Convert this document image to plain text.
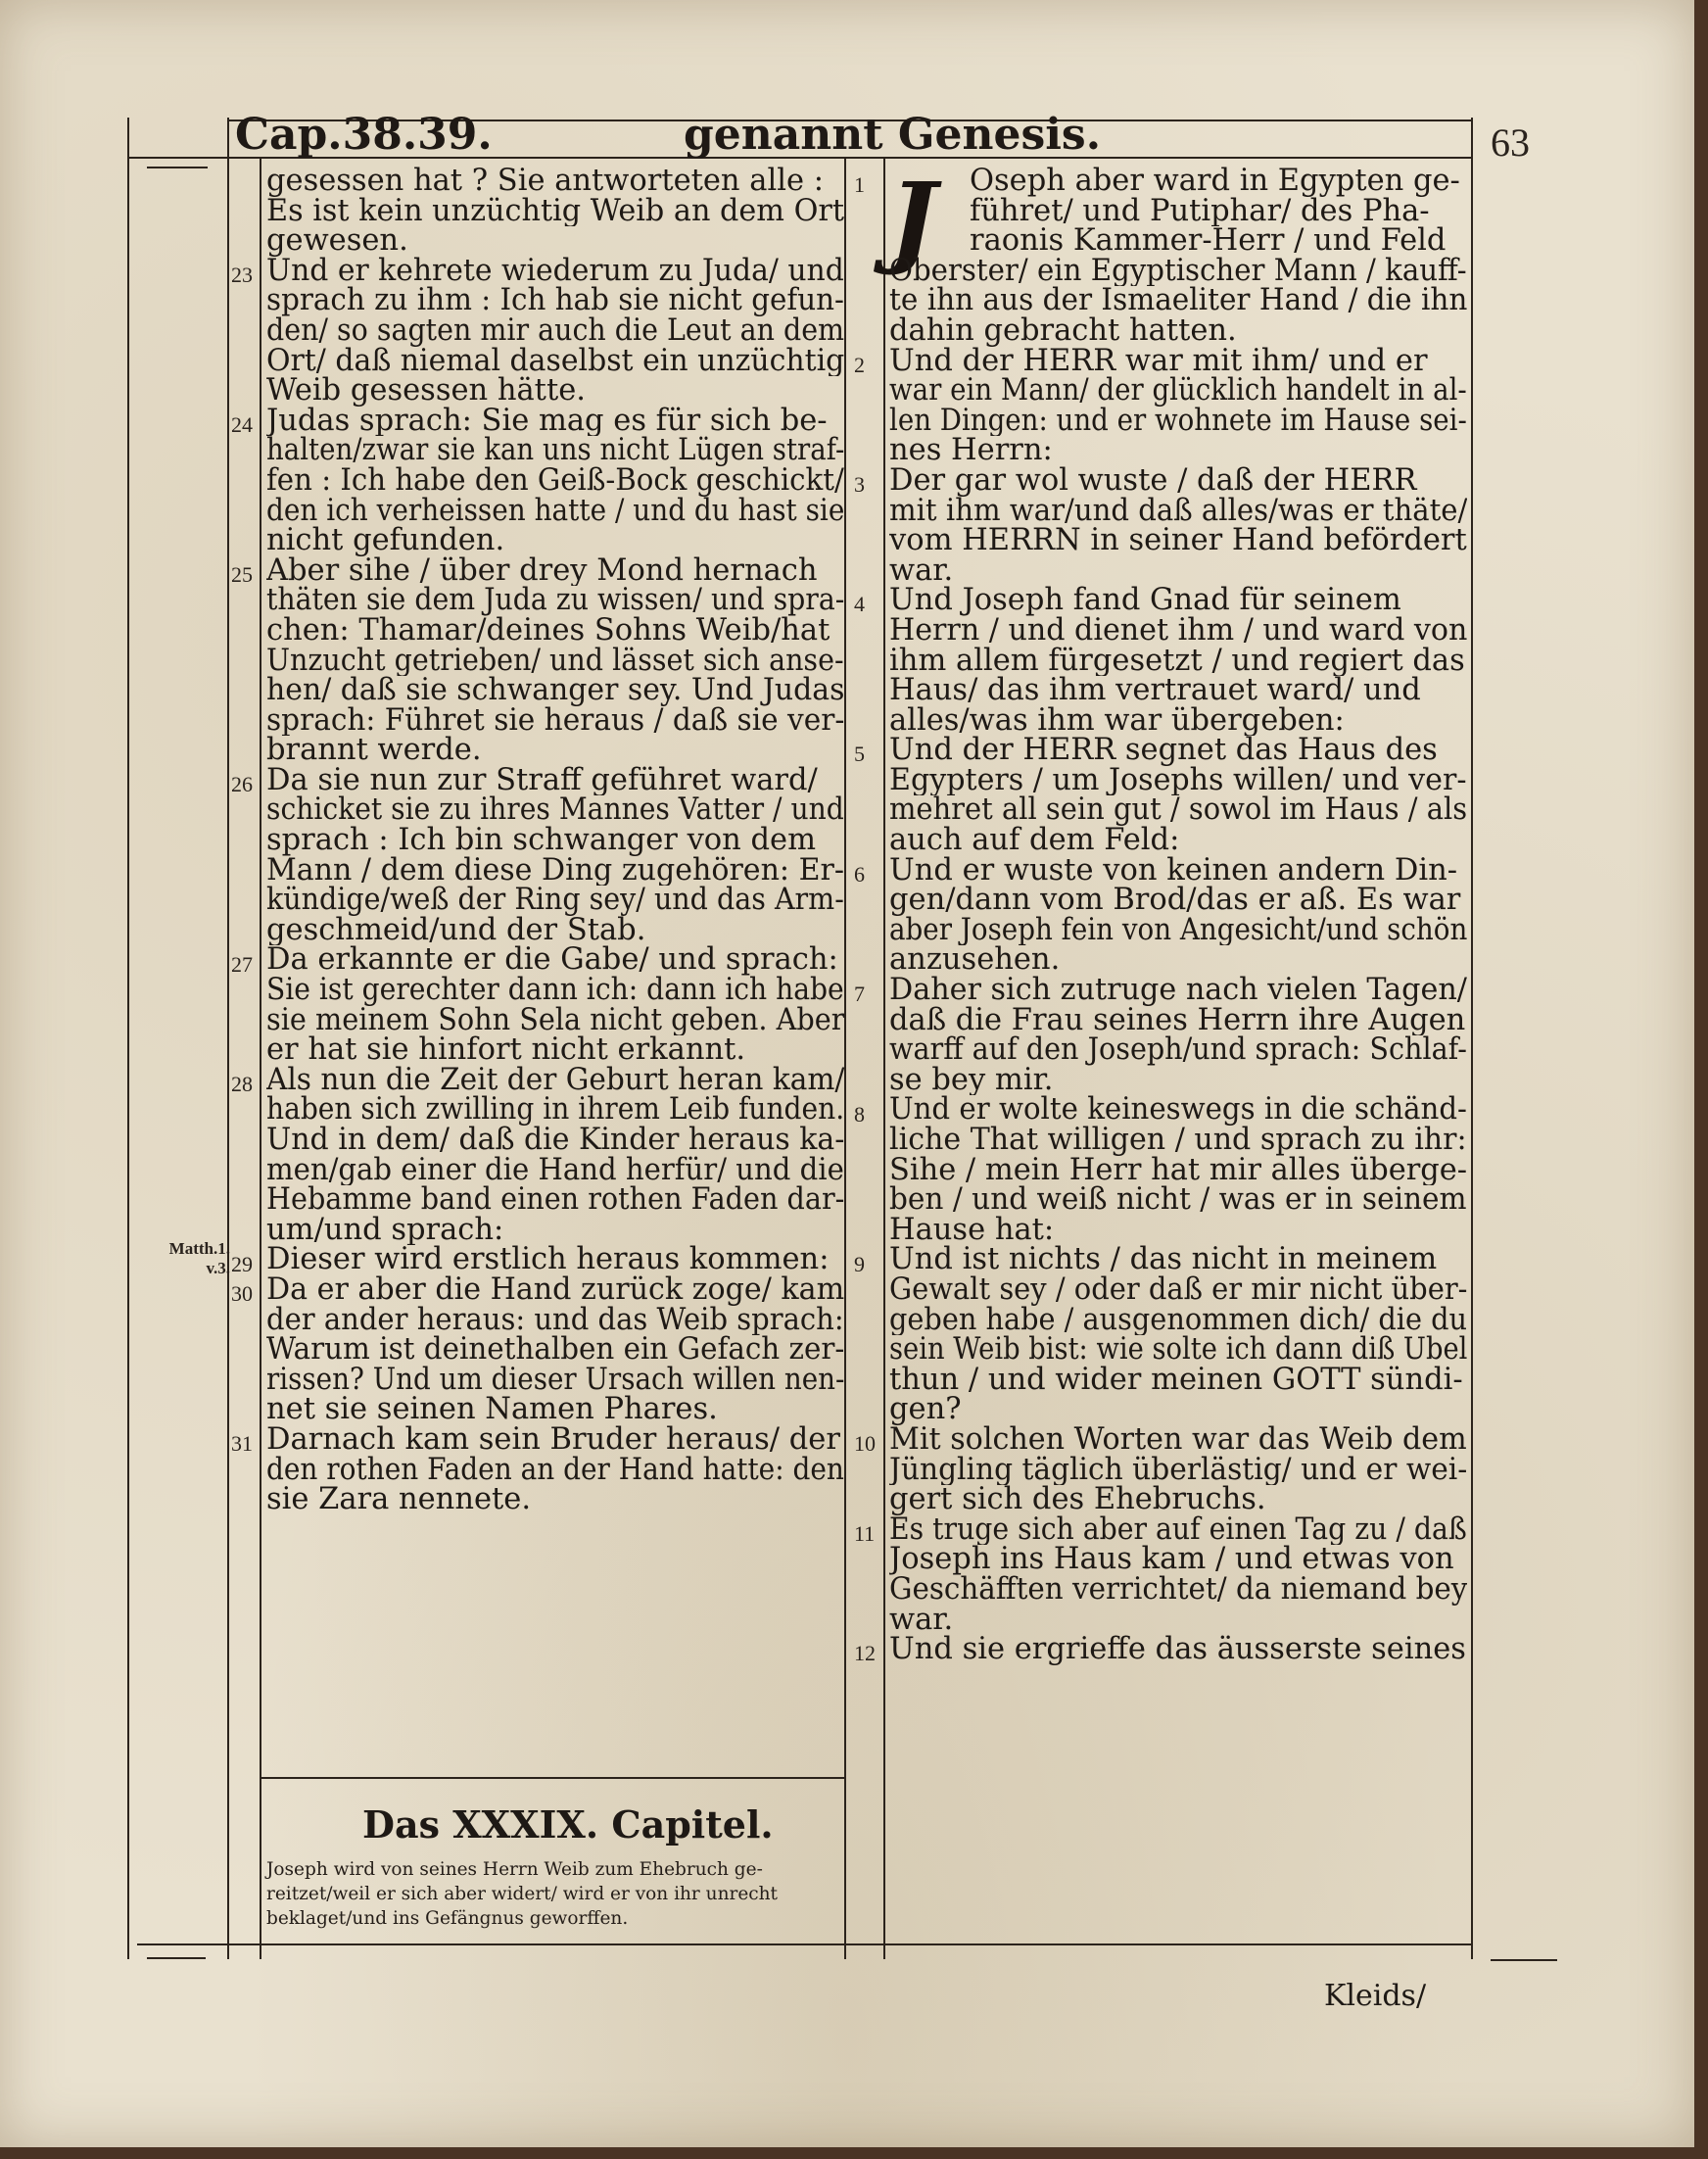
Cap.38.39.	genannt Genesis.	63
gesessen hat ? Sie antworteten alle :
Es ist kein unzüchtig Weib an dem Ort
gewesen.
Und er kehrete wiederum zu Juda/ und
sprach zu ihm : Ich hab sie nicht gefun-
den/ so sagten mir auch die Leut an dem
Ort/ daß niemal daselbst ein unzüchtig
Weib gesessen hätte.
Judas sprach: Sie mag es für sich be-
halten/zwar sie kan uns nicht Lügen straf-
fen : Ich habe den Geiß-Bock geschickt/
den ich verheissen hatte / und du hast sie
nicht gefunden.
Aber sihe / über drey Mond hernach
thäten sie dem Juda zu wissen/ und spra-
chen: Thamar/deines Sohns Weib/hat
Unzucht getrieben/ und lässet sich anse-
hen/ daß sie schwanger sey. Und Judas
sprach: Führet sie heraus / daß sie ver-
brannt werde.
Da sie nun zur Straff geführet ward/
schicket sie zu ihres Mannes Vatter / und
sprach : Ich bin schwanger von dem
Mann / dem diese Ding zugehören: Er-
kündige/weß der Ring sey/ und das Arm-
geschmeid/und der Stab.
Da erkannte er die Gabe/ und sprach:
Sie ist gerechter dann ich: dann ich habe
sie meinem Sohn Sela nicht geben. Aber
er hat sie hinfort nicht erkannt.
Als nun die Zeit der Geburt heran kam/
haben sich zwilling in ihrem Leib funden.
Und in dem/ daß die Kinder heraus ka-
men/gab einer die Hand herfür/ und die
Hebamme band einen rothen Faden dar-
um/und sprach:
Dieser wird erstlich heraus kommen:
Da er aber die Hand zurück zoge/ kam
der ander heraus: und das Weib sprach:
Warum ist deinethalben ein Gefach zer-
rissen? Und um dieser Ursach willen nen-
net sie seinen Namen Phares.
Darnach kam sein Bruder heraus/ der
den rothen Faden an der Hand hatte: den
sie Zara nennete.
23
24
25
26
27
28
29
30
31
Matth.1.
v.3.
Das XXXIX. Capitel.
Joseph wird von seines Herrn Weib zum Ehebruch ge-
reitzet/weil er sich aber widert/ wird er von ihr unrecht
beklaget/und ins Gefängnus geworffen.
J	Oseph aber ward in Egypten ge-
führet/ und Putiphar/ des Pha-
raonis Kammer-Herr / und Feld
Oberster/ ein Egyptischer Mann / kauff-
te ihn aus der Ismaeliter Hand / die ihn
dahin gebracht hatten.
Und der HERR war mit ihm/ und er
war ein Mann/ der glücklich handelt in al-
len Dingen: und er wohnete im Hause sei-
nes Herrn:
Der gar wol wuste / daß der HERR
mit ihm war/und daß alles/was er thäte/
vom HERRN in seiner Hand befördert
war.
Und Joseph fand Gnad für seinem
Herrn / und dienet ihm / und ward von
ihm allem fürgesetzt / und regiert das
Haus/ das ihm vertrauet ward/ und
alles/was ihm war übergeben:
Und der HERR segnet das Haus des
Egypters / um Josephs willen/ und ver-
mehret all sein gut / sowol im Haus / als
auch auf dem Feld:
Und er wuste von keinen andern Din-
gen/dann vom Brod/das er aß. Es war
aber Joseph fein von Angesicht/und schön
anzusehen.
Daher sich zutruge nach vielen Tagen/
daß die Frau seines Herrn ihre Augen
warff auf den Joseph/und sprach: Schlaf-
se bey mir.
Und er wolte keineswegs in die schänd-
liche That willigen / und sprach zu ihr:
Sihe / mein Herr hat mir alles überge-
ben / und weiß nicht / was er in seinem
Hause hat:
Und ist nichts / das nicht in meinem
Gewalt sey / oder daß er mir nicht über-
geben habe / ausgenommen dich/ die du
sein Weib bist: wie solte ich dann diß Ubel
thun / und wider meinen GOTT sündi-
gen?
Mit solchen Worten war das Weib dem
Jüngling täglich überlästig/ und er wei-
gert sich des Ehebruchs.
Es truge sich aber auf einen Tag zu / daß
Joseph ins Haus kam / und etwas von
Geschäfften verrichtet/ da niemand bey
war.
Und sie ergrieffe das äusserste seines
1
2
3
4
5
6
7
8
9
10
11
12
Kleids/
